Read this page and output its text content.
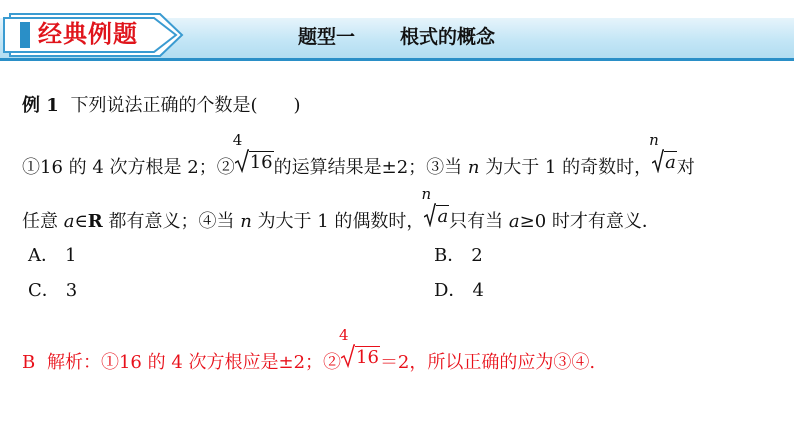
经典例题	题型一 根式的概念
例 1 下列说法正确的个数是(　　)
①16 的 4 次方根是 2；②
4
16 的运算结果是±2；③当 n 为大于 1 的奇数时，
n
a 对
任意 a∈R 都有意义；④当 n 为大于 1 的偶数时，
n
a 只有当 a≥0 时才有意义．
A． 1	B． 2
C． 3	D． 4
B 解析：①16 的 4 次方根应是±2；②
4
16 ＝2，所以正确的应为③④.
